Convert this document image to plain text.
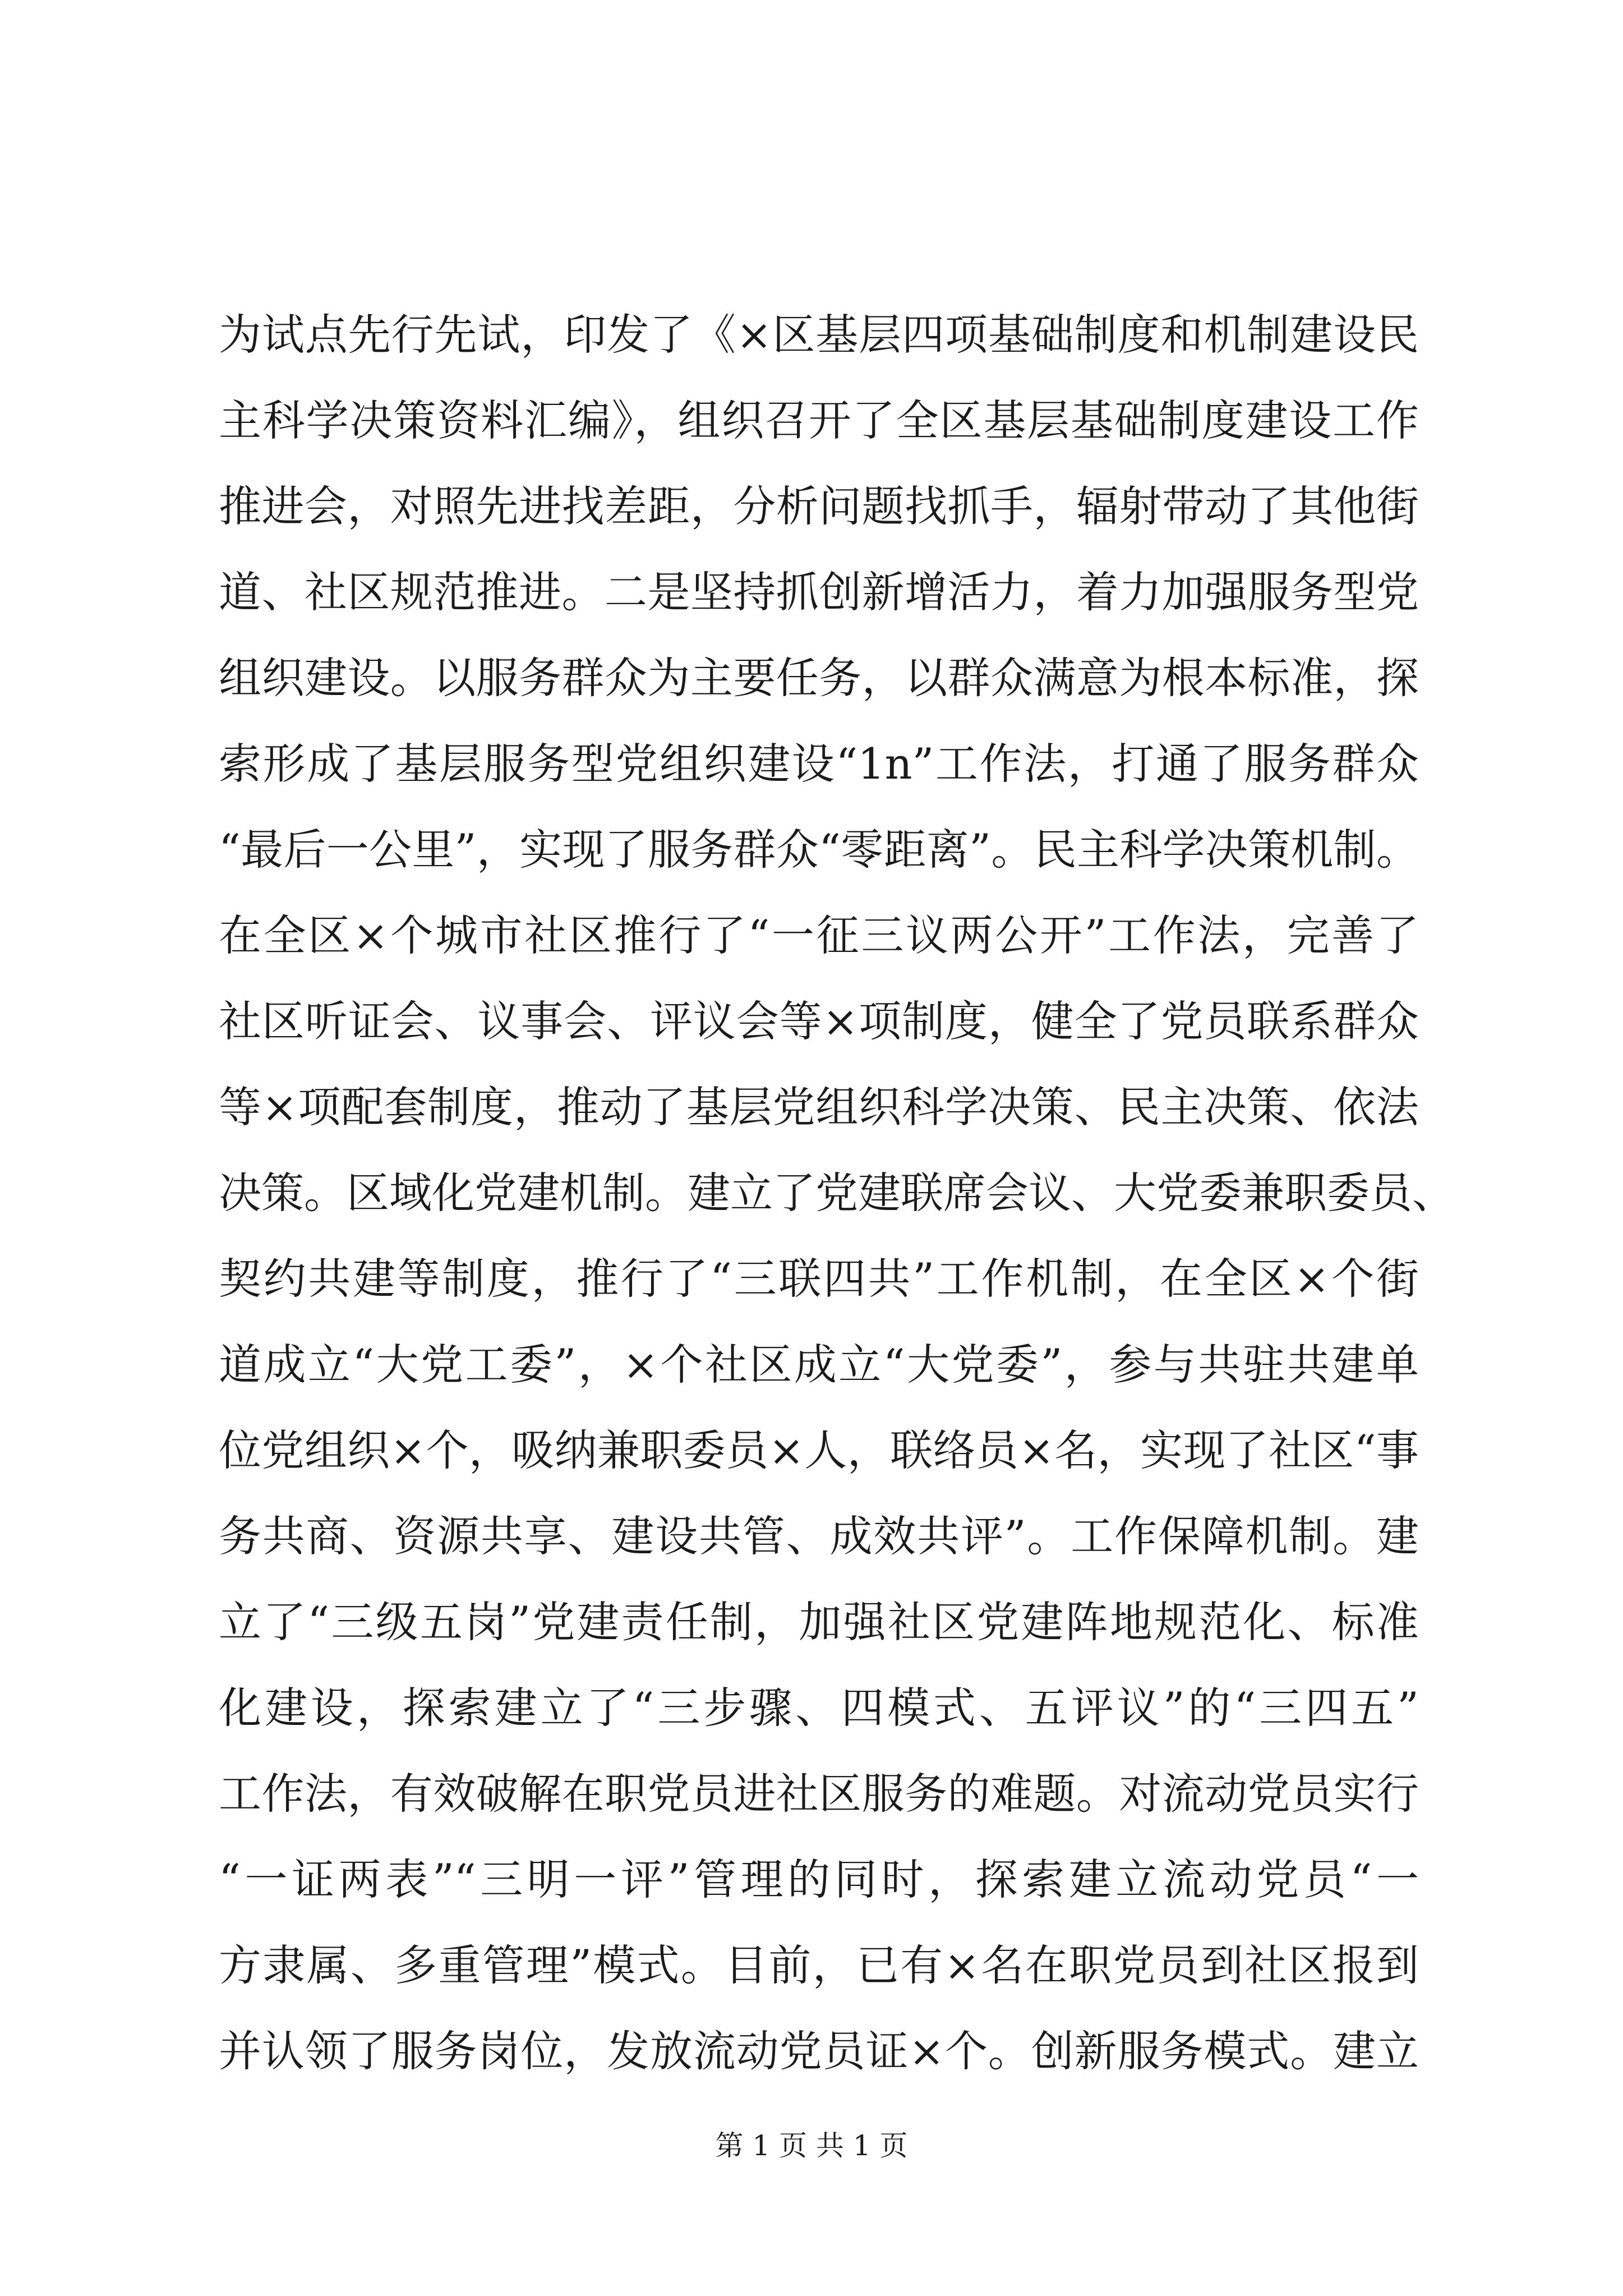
为试点先行先试，印发了《×区基层四项基础制度和机制建设民
主科学决策资料汇编》，组织召开了全区基层基础制度建设工作
推进会，对照先进找差距，分析问题找抓手，辐射带动了其他街
道、社区规范推进。二是坚持抓创新增活力，着力加强服务型党
组织建设。以服务群众为主要任务，以群众满意为根本标准，探
索形成了基层服务型党组织建设“1n”工作法，打通了服务群众
“最后一公里”，实现了服务群众“零距离”。民主科学决策机制。
在全区×个城市社区推行了“一征三议两公开”工作法，完善了
社区听证会、议事会、评议会等×项制度，健全了党员联系群众
等×项配套制度，推动了基层党组织科学决策、民主决策、依法
决策。区域化党建机制。建立了党建联席会议、大党委兼职委员、
契约共建等制度，推行了“三联四共”工作机制，在全区×个街
道成立“大党工委”，×个社区成立“大党委”，参与共驻共建单
位党组织×个，吸纳兼职委员×人，联络员×名，实现了社区“事
务共商、资源共享、建设共管、成效共评”。工作保障机制。建
立了“三级五岗”党建责任制，加强社区党建阵地规范化、标准
化建设，探索建立了“三步骤、四模式、五评议”的“三四五”
工作法，有效破解在职党员进社区服务的难题。对流动党员实行
“一证两表”“三明一评”管理的同时，探索建立流动党员“一
方隶属、多重管理”模式。目前，已有×名在职党员到社区报到
并认领了服务岗位，发放流动党员证×个。创新服务模式。建立
第 1 页 共 1 页
